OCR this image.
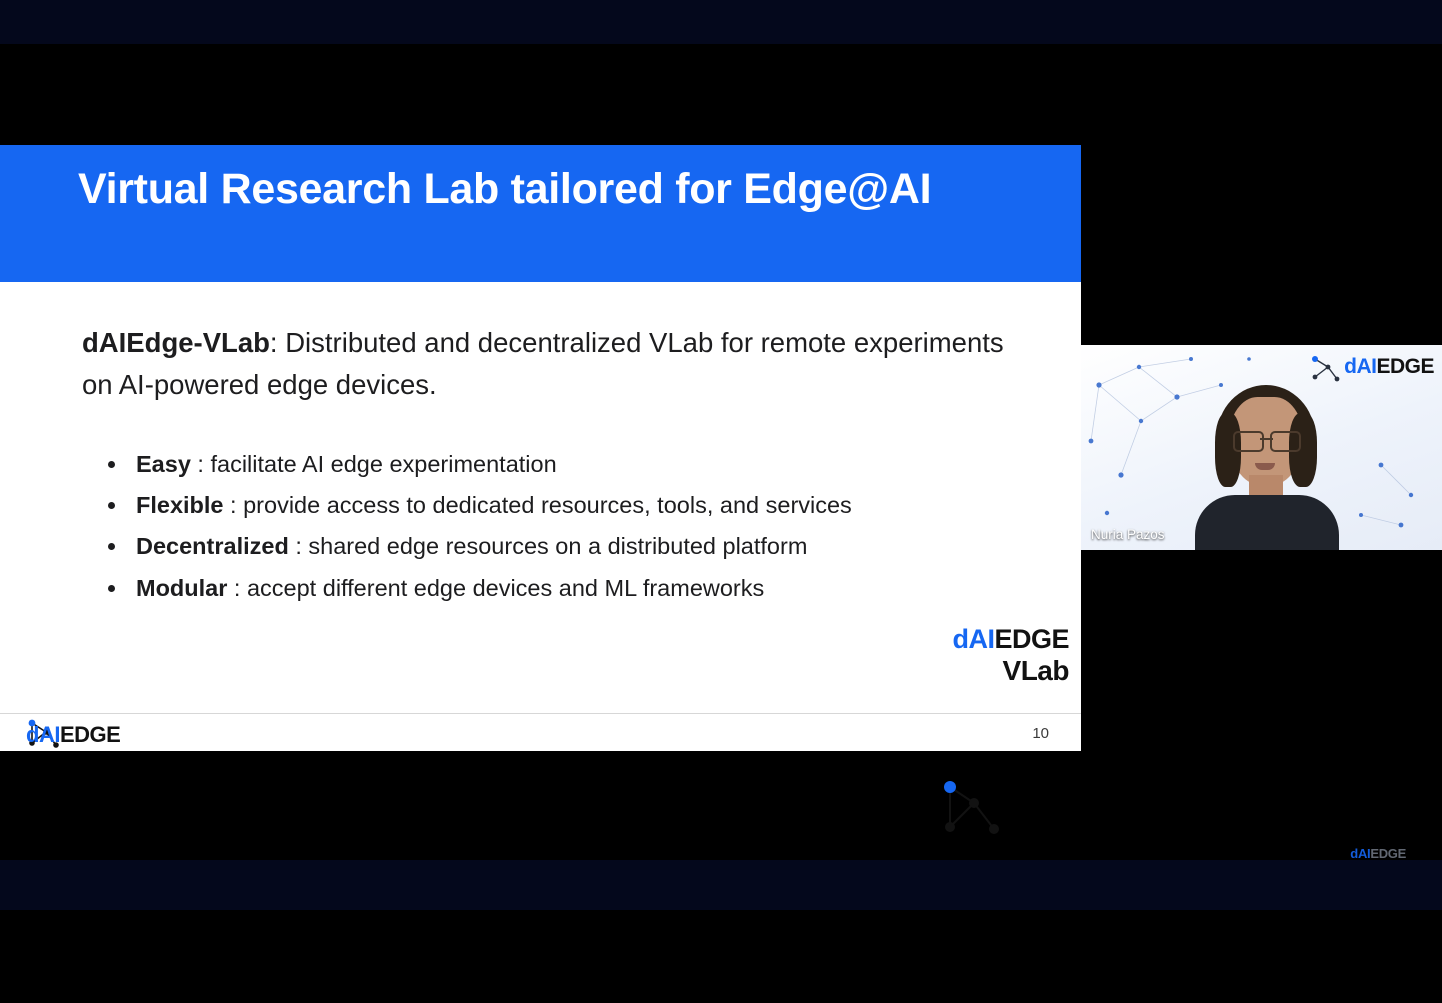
Virtual Research Lab tailored for Edge@AI

dAIEdge-VLab: Distributed and decentralized VLab for remote experiments on AI-powered edge devices.

Easy : facilitate AI edge experimentation
Flexible : provide access to dedicated resources, tools, and services
Decentralized : shared edge resources on a distributed platform
Modular : accept different edge devices and ML frameworks
dAIEDGE
VLab
dAIEDGE	10
dAIEDGE
Nuria Pazos
dAIEDGE
